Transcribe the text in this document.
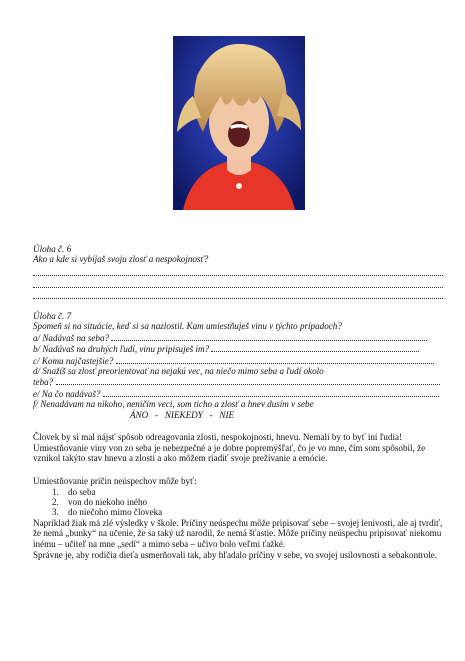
Úloha č. 6
Ako a kde si vybíjaš svoju zlosť a nespokojnosť?
Úloha č. 7
Spomeň si na situácie, keď si sa nazlostil. Kam umiestňuješ vinu v týchto prípadoch?
a/ Nadávaš na seba?
b/ Nadávaš na druhých ľudí, vinu pripisuješ im?
c/ Komu najčastejšie?
d/ Snažíš sa zlosť preorientovať na nejakú vec, na niečo mimo seba a ľudí okolo
teba?
e/ Na čo nadávaš?
f/ Nenadávam na nikoho, neničím veci, som ticho a zlosť a hnev dusím v sebe
ÁNO   -   NIEKEDY   -   NIE
Človek by si mal nájsť spôsob odreagovania zlosti, nespokojnosti, hnevu. Nemali by to byť iní ľudia! Umiestňovanie viny von zo seba je nebezpečné a je dobre popremýšľať, čo je vo mne, čím som spôsobil, že vznikol takýto stav hnevu a zlosti a ako môžem riadiť svoje prežívanie a emócie.
Umiestňovanie príčin neúspechov môže byť:
1. do seba
2. von do niekoho iného
3. do niečoho mimo človeka
Napríklad žiak má zlé výsledky v škole. Príčiny neúspechu môže pripisovať sebe – svojej lenivosti, ale aj tvrdiť, že nemá „bunky“ na učenie, že sa taký už narodil, že nemá šťastie. Môže príčiny neúspechu pripisovať niekomu inému – učiteľ na mne „sedí“ a mimo seba – učivo bolo veľmi ťažké.
Správne je, aby rodičia dieťa usmerňovali tak, aby hľadalo príčiny v sebe, vo svojej usilovnosti a sebakontrole.
